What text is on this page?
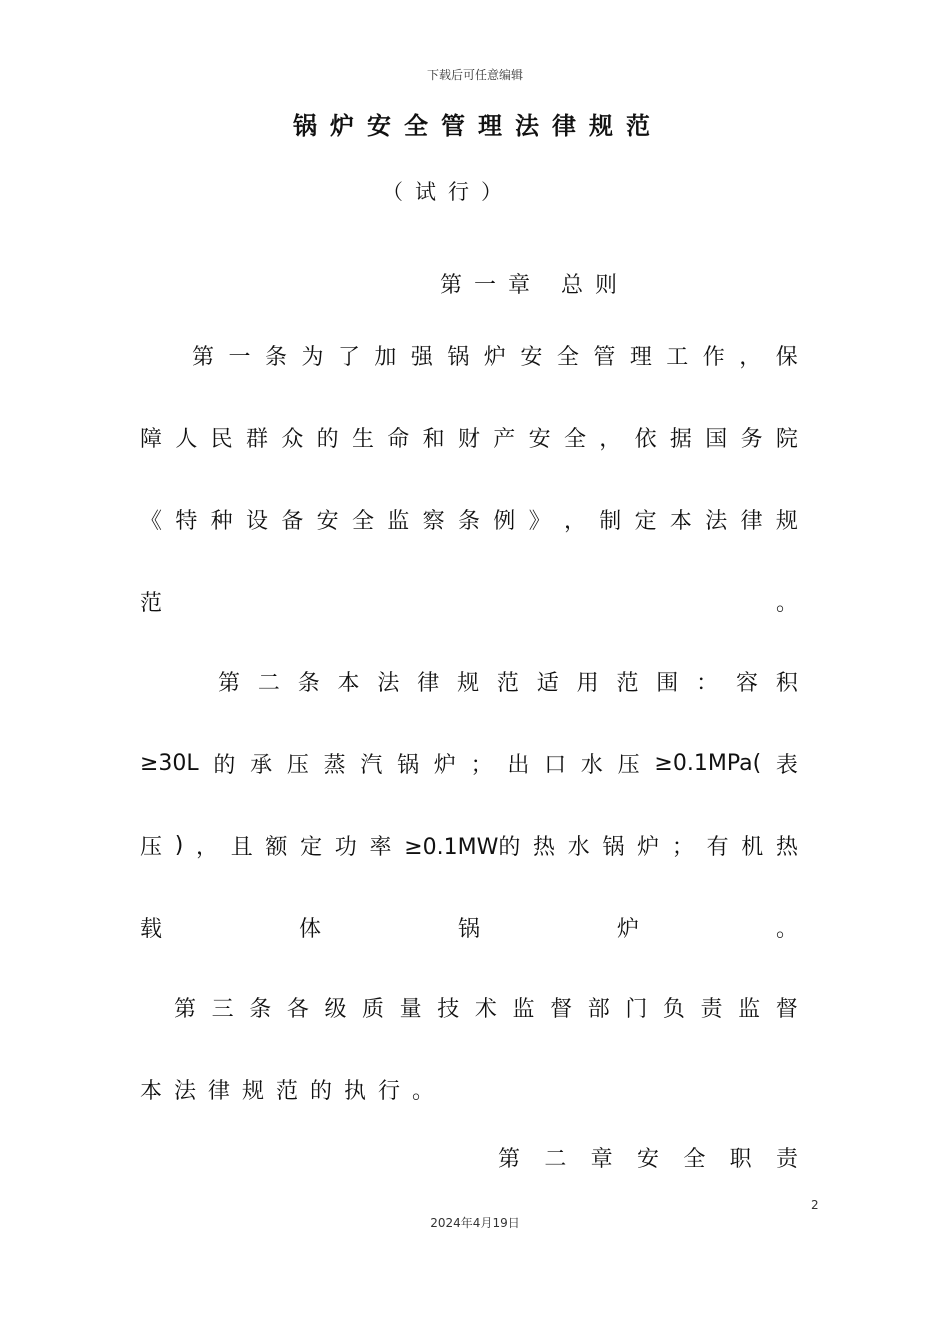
下载后可任意编辑
锅炉安全管理法律规范
（试行）
第一章 总则
第 一 条 为 了 加 强 锅 炉 安 全 管 理 工 作 ， 保
障 人 民 群 众 的 生 命 和 财 产 安 全 ， 依 据 国 务 院
《 特 种 设 备 安 全 监 察 条 例 》 ， 制 定 本 法 律 规
范	。
第 二 条 本 法 律 规 范 适 用 范 围 ： 容 积
≥30L 的 承 压 蒸 汽 锅 炉 ； 出 口 水 压 ≥0.1MPa( 表
压 ) ， 且 额 定 功 率 ≥0.1MW的 热 水 锅 炉 ； 有 机 热
载	体	锅	炉	。
第 三 条 各 级 质 量 技 术 监 督 部 门 负 责 监 督
本法律规范的执行。
第 二 章 安 全 职 责
2
2024年4月19日
